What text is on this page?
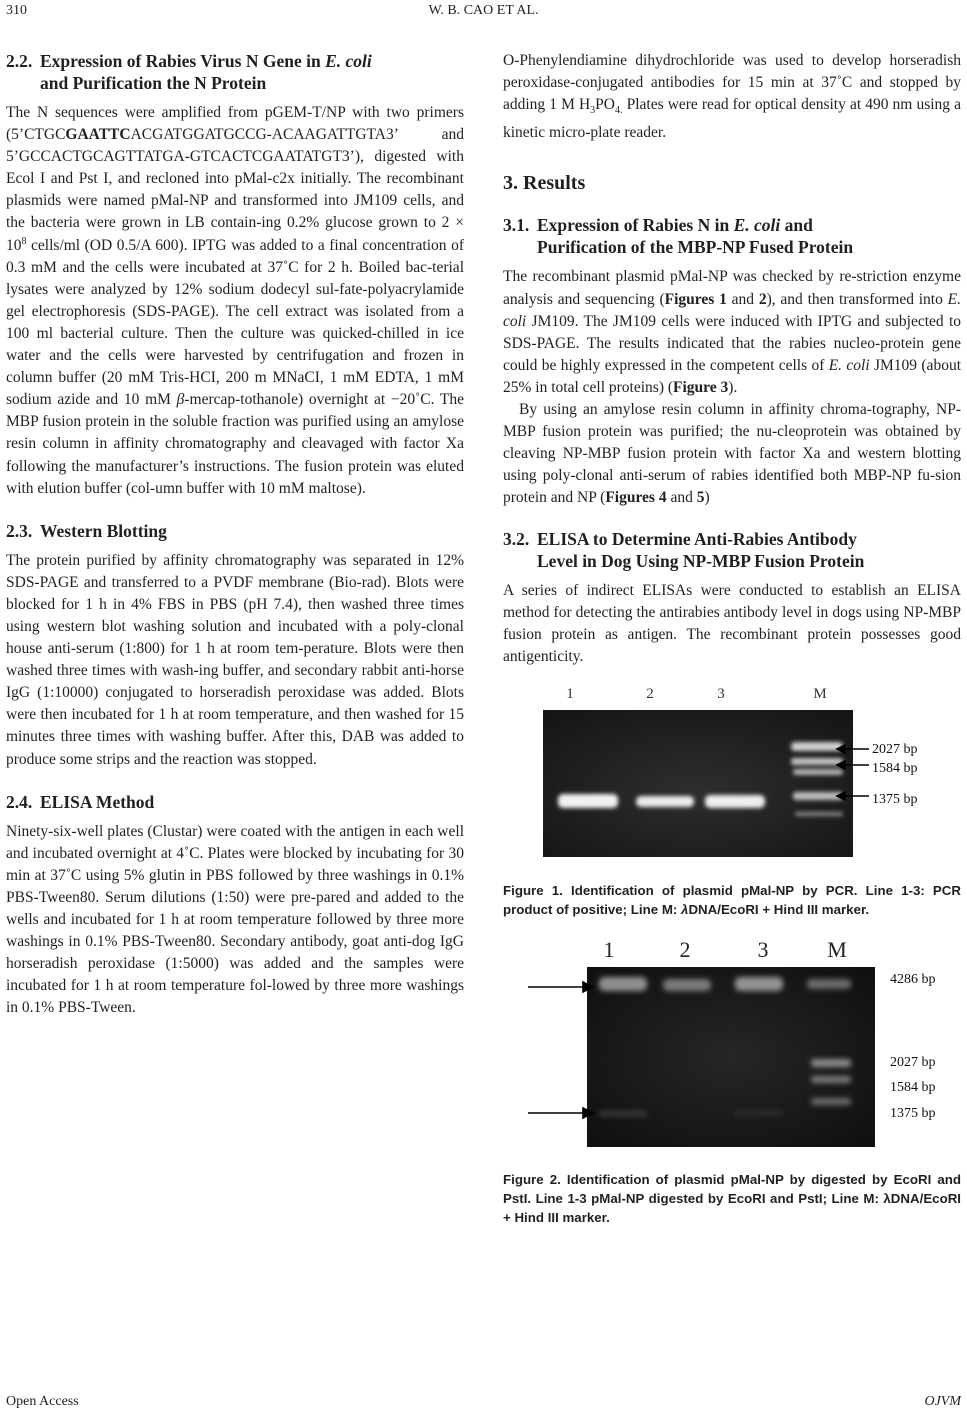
310	W. B. CAO ET AL.
2.2. Expression of Rabies Virus N Gene in E. coli
and Purification the N Protein

The N sequences were amplified from pGEM-T/NP with two primers (5’CTGCGAATTCACGATGGATGCCG-ACAAGATTGTA3’ and 5’GCCACTGCAGTTATGA-GTCACTCGAATATGT3’), digested with Ecol I and Pst I, and recloned into pMal-c2x initially. The recombinant plasmids were named pMal-NP and transformed into JM109 cells, and the bacteria were grown in LB contain-ing 0.2% glucose grown to $2 \times 10^8$ cells/ml (OD 0.5/A 600). IPTG was added to a final concentration of 0.3 mM and the cells were incubated at 37˚C for 2 h. Boiled bac-terial lysates were analyzed by 12% sodium dodecyl sul-fate-polyacrylamide gel electrophoresis (SDS-PAGE). The cell extract was isolated from a 100 ml bacterial culture. Then the culture was quicked-chilled in ice water and the cells were harvested by centrifugation and frozen in column buffer (20 mM Tris-HCI, 200 m MNaCI, 1 mM EDTA, 1 mM sodium azide and 10 mM β-mercap-tothanole) overnight at −20˚C. The MBP fusion protein in the soluble fraction was purified using an amylose resin column in affinity chromatography and cleavaged with factor Xa following the manufacturer’s instructions. The fusion protein was eluted with elution buffer (col-umn buffer with 10 mM maltose).

2.3. Western Blotting

The protein purified by affinity chromatography was separated in 12% SDS-PAGE and transferred to a PVDF membrane (Bio-rad). Blots were blocked for 1 h in 4% FBS in PBS (pH 7.4), then washed three times using western blot washing solution and incubated with a poly-clonal house anti-serum (1:800) for 1 h at room tem-perature. Blots were then washed three times with wash-ing buffer, and secondary rabbit anti-horse IgG (1:10000) conjugated to horseradish peroxidase was added. Blots were then incubated for 1 h at room temperature, and then washed for 15 minutes three times with washing buffer. After this, DAB was added to produce some strips and the reaction was stopped.

2.4. ELISA Method

Ninety-six-well plates (Clustar) were coated with the antigen in each well and incubated overnight at 4˚C. Plates were blocked by incubating for 30 min at 37˚C using 5% glutin in PBS followed by three washings in 0.1% PBS-Tween80. Serum dilutions (1:50) were pre-pared and added to the wells and incubated for 1 h at room temperature followed by three more washings in 0.1% PBS-Tween80. Secondary antibody, goat anti-dog IgG horseradish peroxidase (1:5000) was added and the samples were incubated for 1 h at room temperature fol-lowed by three more washings in 0.1% PBS-Tween.

O-Phenylendiamine dihydrochloride was used to develop horseradish peroxidase-conjugated antibodies for 15 min at 37˚C and stopped by adding 1 M $H_3PO_{4.}$ Plates were read for optical density at 490 nm using a kinetic micro-plate reader.

3. Results
3.1. Expression of Rabies N in E. coli and
Purification of the MBP-NP Fused Protein

The recombinant plasmid pMal-NP was checked by re-striction enzyme analysis and sequencing (Figures 1 and 2), and then transformed into E. coli JM109. The JM109 cells were induced with IPTG and subjected to SDS-PAGE. The results indicated that the rabies nucleo-protein gene could be highly expressed in the competent cells of E. coli JM109 (about 25% in total cell proteins) (Figure 3).

By using an amylose resin column in affinity chroma-tography, NP-MBP fusion protein was purified; the nu-cleoprotein was obtained by cleaving NP-MBP fusion protein with factor Xa and western blotting using poly-clonal anti-serum of rabies identified both MBP-NP fu-sion protein and NP (Figures 4 and 5)

3.2. ELISA to Determine Anti-Rabies Antibody
Level in Dog Using NP-MBP Fusion Protein

A series of indirect ELISAs were conducted to establish an ELISA method for detecting the antirabies antibody level in dogs using NP-MBP fusion protein as antigen. The recombinant protein possesses good antigenticity.

1	2	3	M
2027 bp
1584 bp
1375 bp
Figure 1. Identification of plasmid pMal-NP by PCR. Line 1-3: PCR product of positive; Line M: λDNA/EcoRI + Hind III marker.
1	2	3	M
4286 bp
2027 bp
1584 bp
1375 bp
Figure 2. Identification of plasmid pMal-NP by digested by EcoRI and PstI. Line 1-3 pMal-NP digested by EcoRI and PstI; Line M: λDNA/EcoRI + Hind III marker.
Open Access	OJVM
